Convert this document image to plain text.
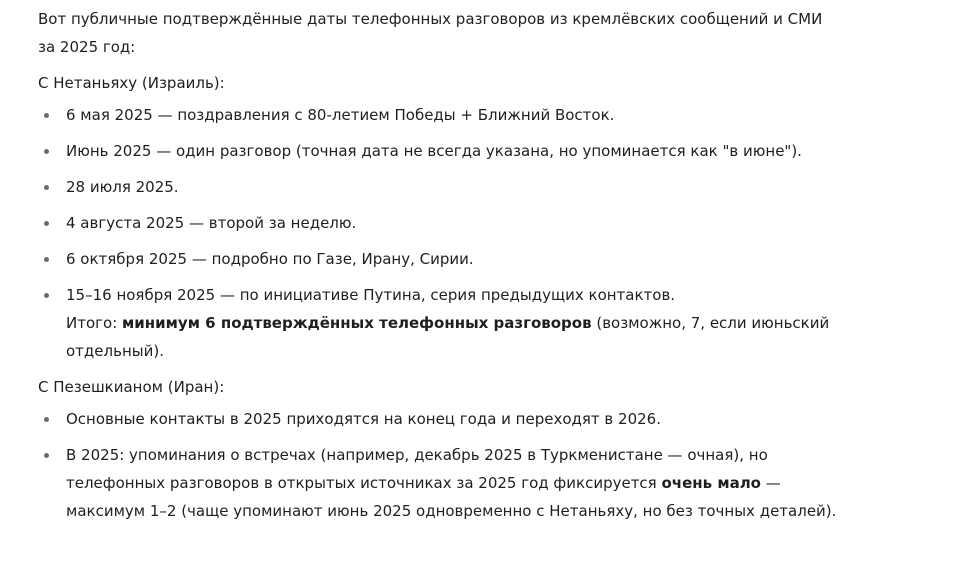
Вот публичные подтверждённые даты телефонных разговоров из кремлёвских сообщений и СМИ за 2025 год:

С Нетаньяху (Израиль):

6 мая 2025 — поздравления с 80-летием Победы + Ближний Восток.
Июнь 2025 — один разговор (точная дата не всегда указана, но упоминается как "в июне").
28 июля 2025.
4 августа 2025 — второй за неделю.
6 октября 2025 — подробно по Газе, Ирану, Сирии.
15–16 ноября 2025 — по инициативе Путина, серия предыдущих контактов.
Итого: минимум 6 подтверждённых телефонных разговоров (возможно, 7, если июньский отдельный).

С Пезешкианом (Иран):

Основные контакты в 2025 приходятся на конец года и переходят в 2026.
В 2025: упоминания о встречах (например, декабрь 2025 в Туркменистане — очная), но телефонных разговоров в открытых источниках за 2025 год фиксируется очень мало — максимум 1–2 (чаще упоминают июнь 2025 одновременно с Нетаньяху, но без точных деталей).
